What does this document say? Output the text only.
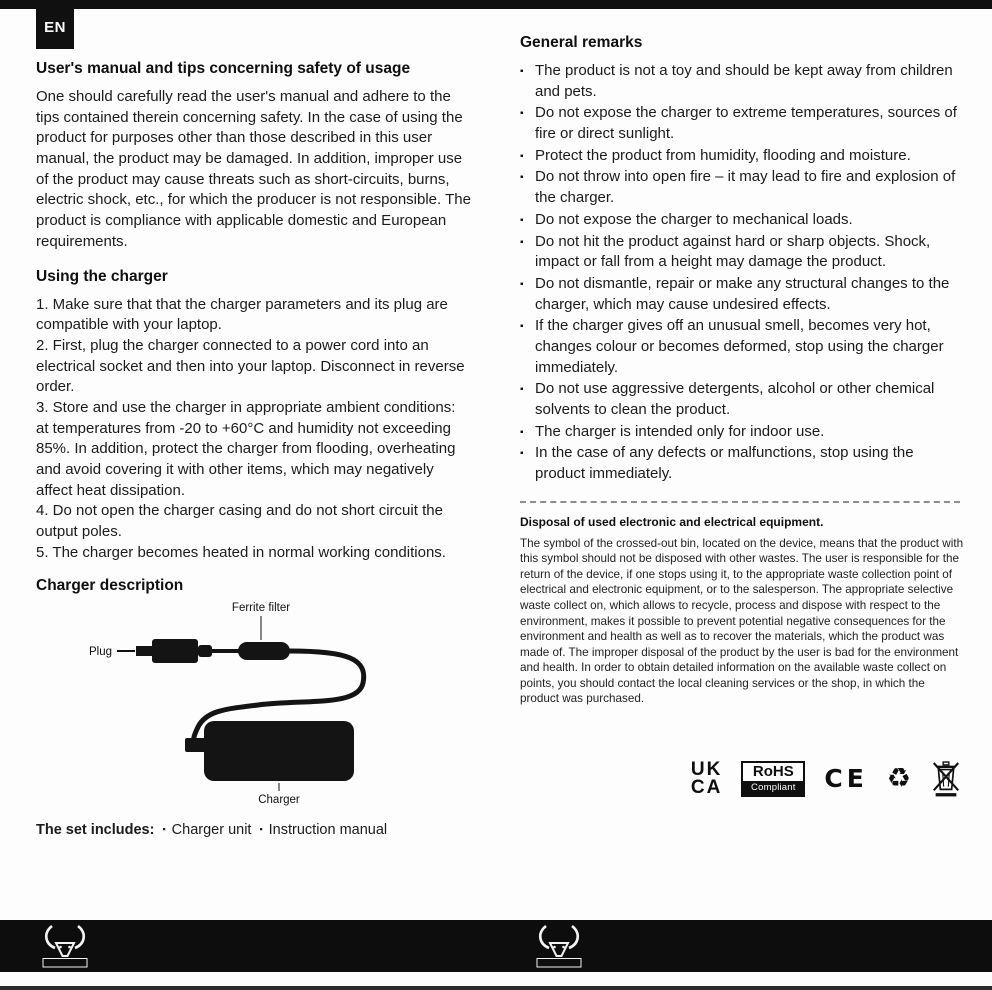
EN
User's manual and tips concerning safety of usage

One should carefully read the user's manual and adhere to the tips contained therein concerning safety. In the case of using the product for purposes other than those described in this user manual, the product may be damaged. In addition, improper use of the product may cause threats such as short-circuits, burns, electric shock, etc., for which the producer is not responsible. The product is compliance with applicable domestic and European requirements.

Using the charger

1. Make sure that that the charger parameters and its plug are compatible with your laptop.

2. First, plug the charger connected to a power cord into an electrical socket and then into your laptop. Disconnect in reverse order.

3. Store and use the charger in appropriate ambient conditions: at temperatures from -20 to +60°C and humidity not exceeding 85%. In addition, protect the charger from flooding, overheating and avoid covering it with other items, which may negatively affect heat dissipation.

4. Do not open the charger casing and do not short circuit the output poles.

5. The charger becomes heated in normal working conditions.

Charger description
Ferrite filter
Plug
Charger
The set includes: ▪ Charger unit ▪ Instruction manual
General remarks
▪ The product is not a toy and should be kept away from children and pets.
▪ Do not expose the charger to extreme temperatures, sources of fire or direct sunlight.
▪ Protect the product from humidity, flooding and moisture.
▪ Do not throw into open fire – it may lead to fire and explosion of the charger.
▪ Do not expose the charger to mechanical loads.
▪ Do not hit the product against hard or sharp objects. Shock, impact or fall from a height may damage the product.
▪ Do not dismantle, repair or make any structural changes to the charger, which may cause undesired effects.
▪ If the charger gives off an unusual smell, becomes very hot, changes colour or becomes deformed, stop using the charger immediately.
▪ Do not use aggressive detergents, alcohol or other chemical solvents to clean the product.
▪ The charger is intended only for indoor use.
▪ In the case of any defects or malfunctions, stop using the product immediately.
Disposal of used electronic and electrical equipment.

The symbol of the crossed-out bin, located on the device, means that the product with this symbol should not be disposed with other wastes. The user is responsible for the return of the device, if one stops using it, to the appropriate waste collection point of electrical and electronic equipment, or to the salesperson. The appropriate selective waste collect on, which allows to recycle, process and dispose with respect to the environment, makes it possible to prevent potential negative consequences for the environment and health as well as to recover the materials, which the product was made of. The improper disposal of the product by the user is bad for the environment and health. In order to obtain detailed information on the available waste collect on points, you should contact the local cleaning services or the shop, in which the product was purchased.

UK
CA
RoHS
Compliant	CE ♻
POWERGOAT	POWERGOAT
